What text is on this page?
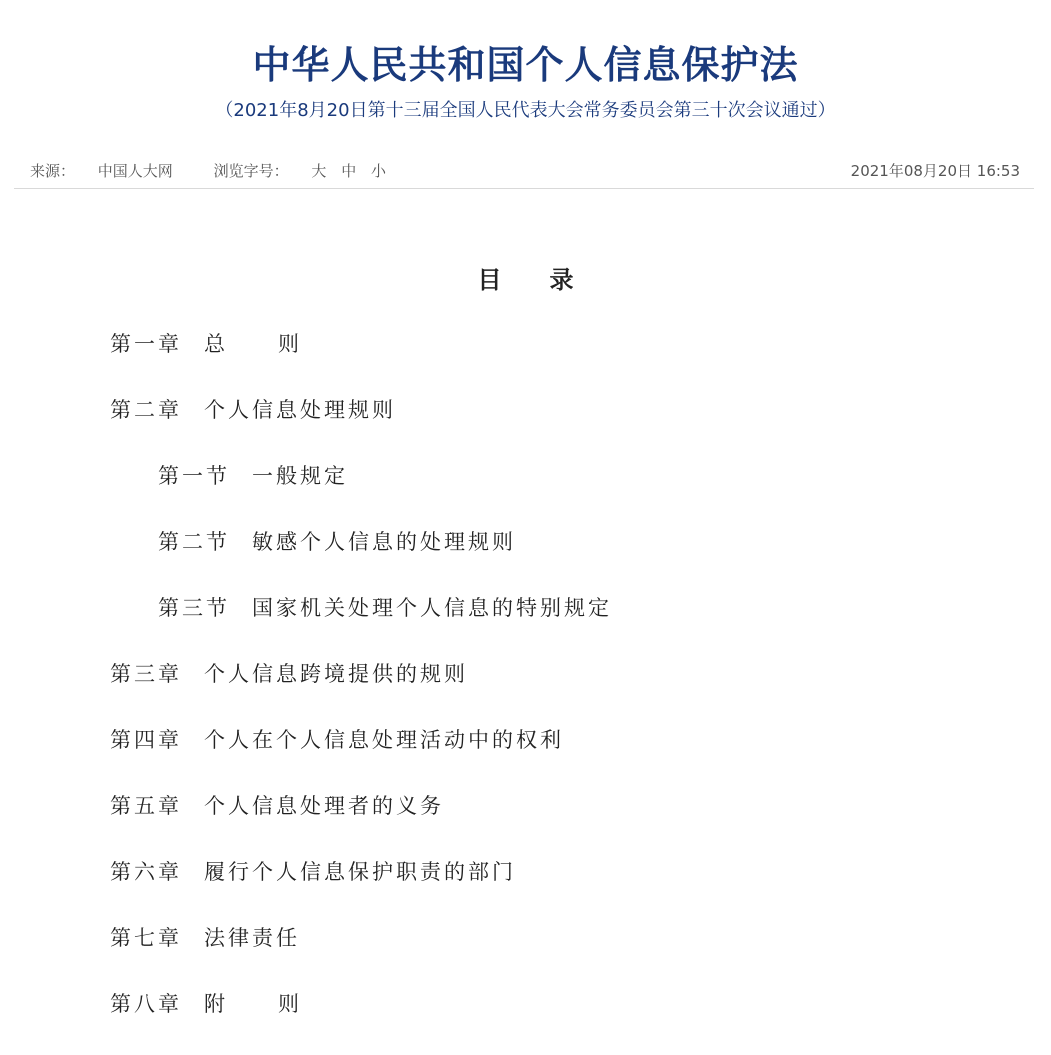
中华人民共和国个人信息保护法
（2021年8月20日第十三届全国人民代表大会常务委员会第三十次会议通过）
来源： 中国人大网	浏览字号： 大 中 小	2021年08月20日 16:53
目 录
第一章 总 则
第二章 个人信息处理规则
第一节 一般规定
第二节 敏感个人信息的处理规则
第三节 国家机关处理个人信息的特别规定
第三章 个人信息跨境提供的规则
第四章 个人在个人信息处理活动中的权利
第五章 个人信息处理者的义务
第六章 履行个人信息保护职责的部门
第七章 法律责任
第八章 附 则
